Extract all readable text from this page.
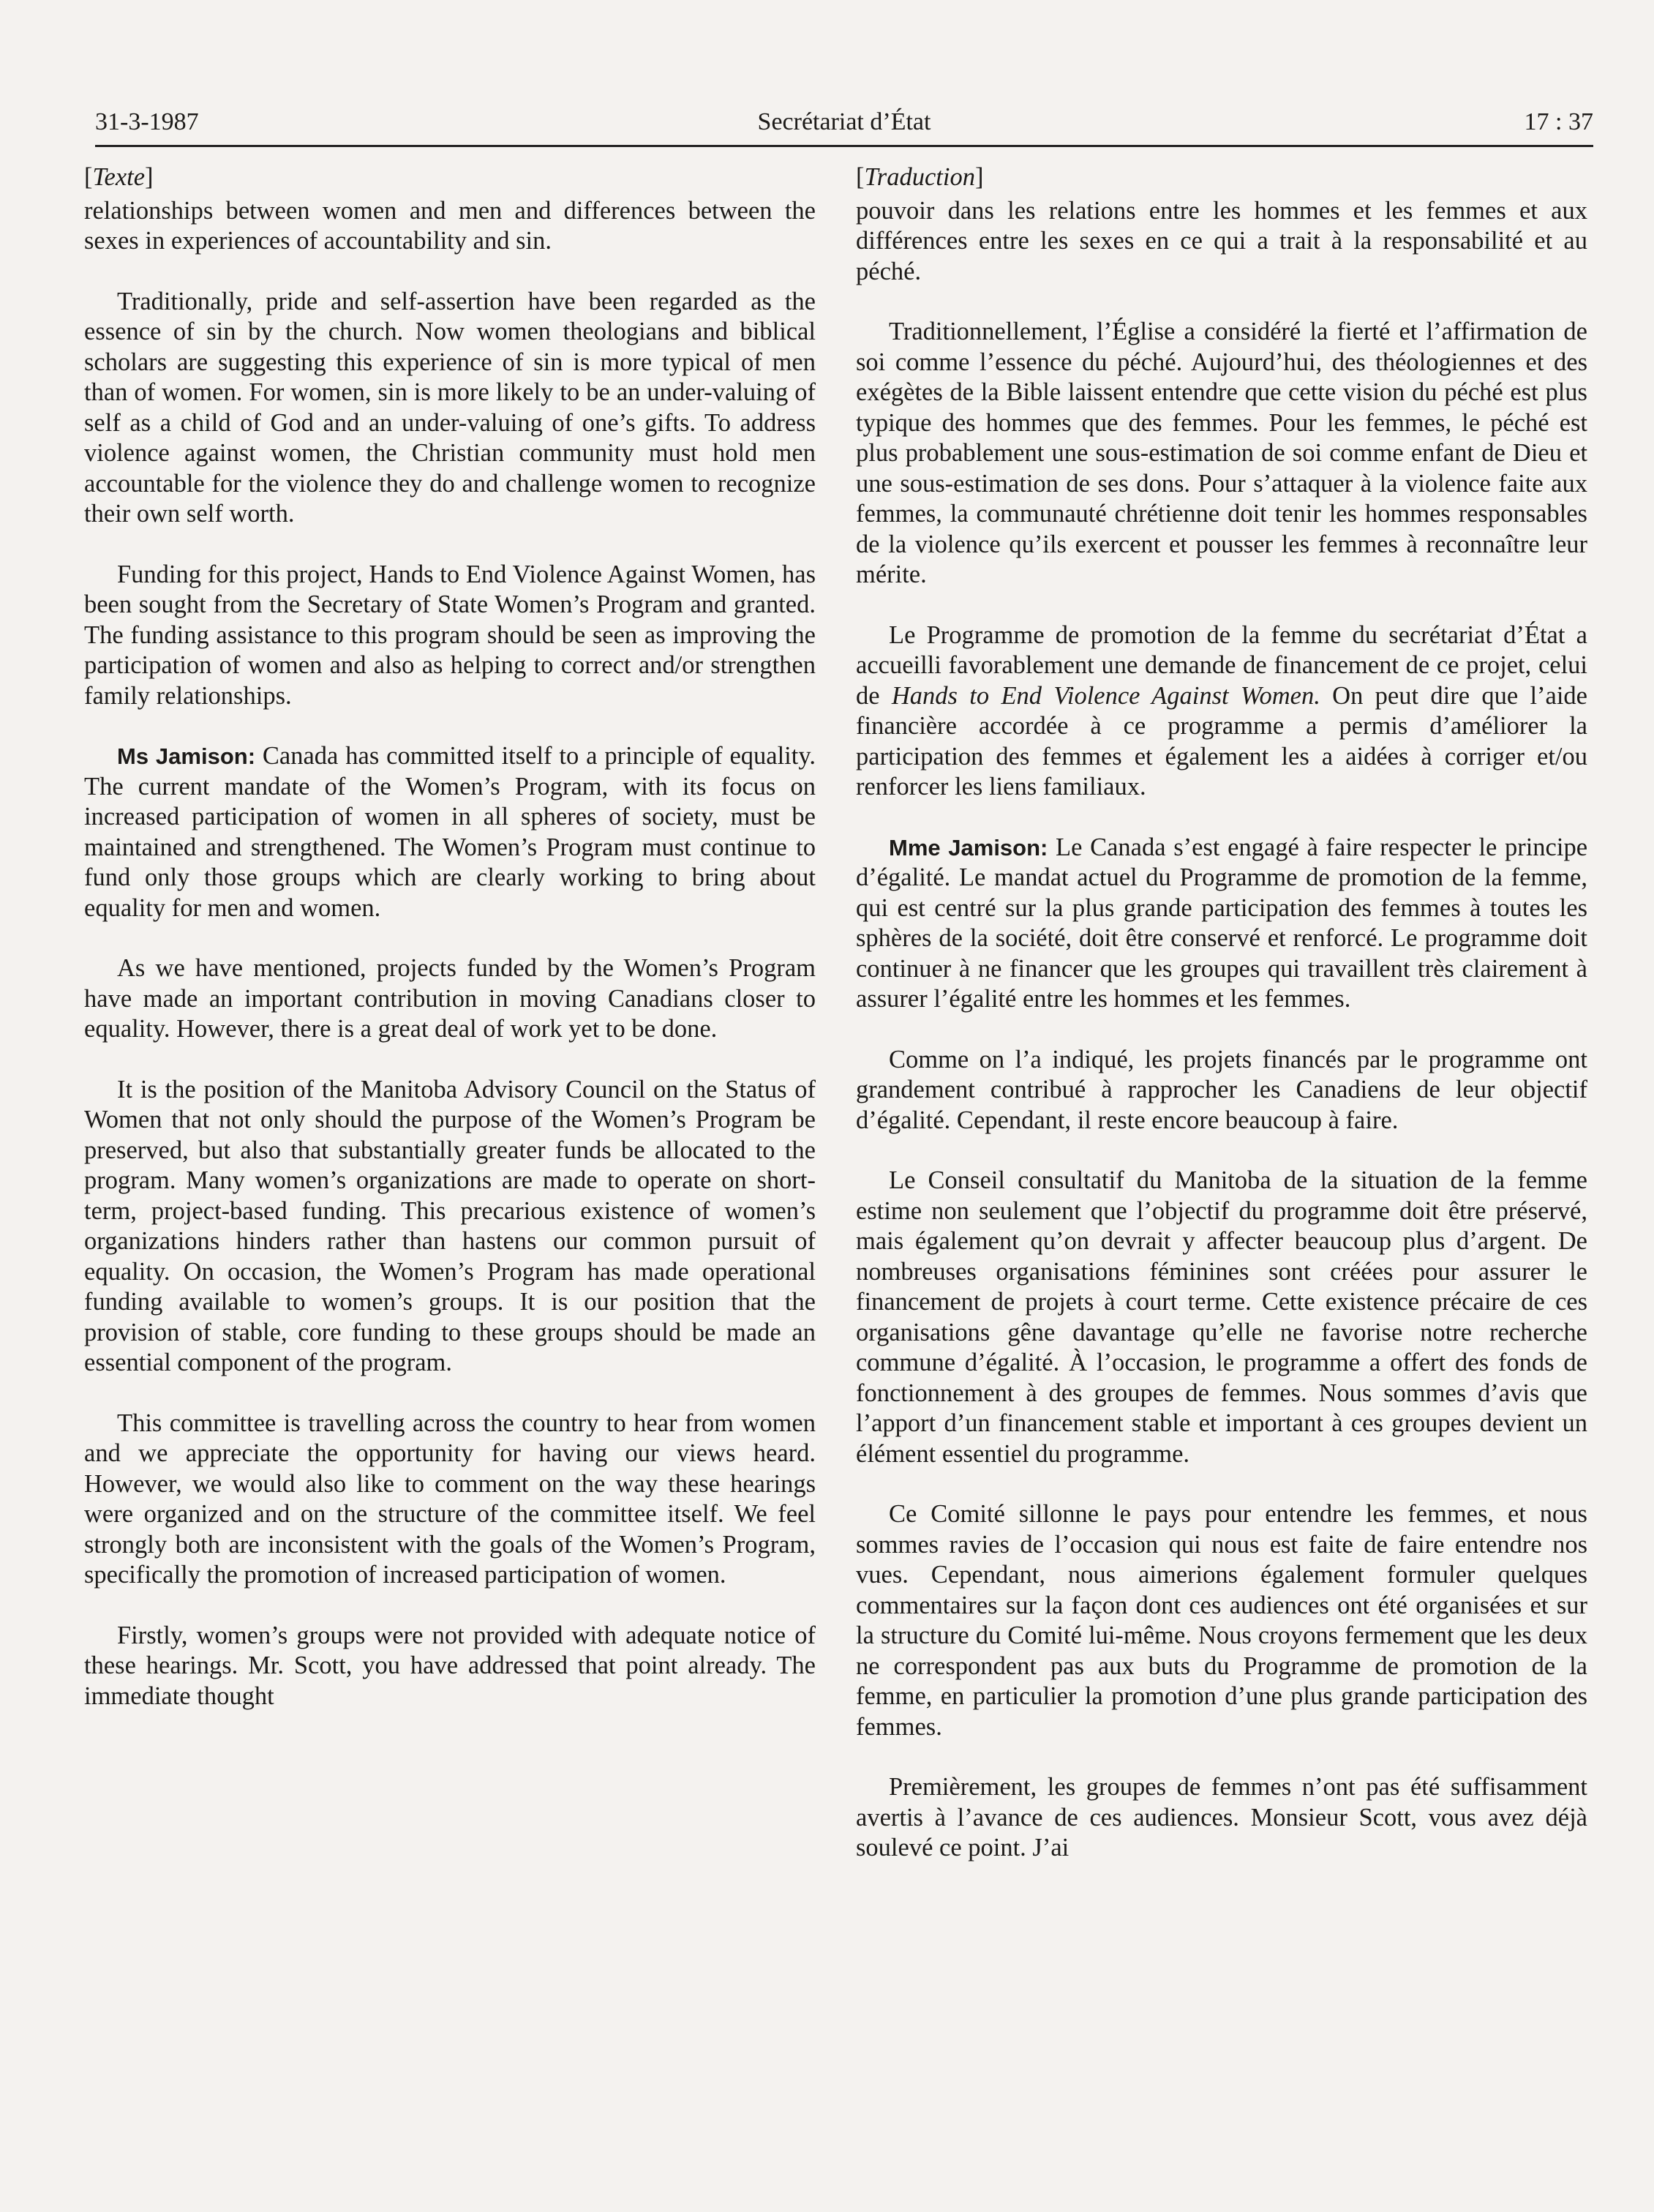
31-3-1987	Secrétariat d’État	17 : 37
[Texte]

relationships between women and men and differences between the sexes in experiences of accountability and sin.

Traditionally, pride and self-assertion have been regarded as the essence of sin by the church. Now women theologians and biblical scholars are suggesting this experience of sin is more typical of men than of women. For women, sin is more likely to be an under-valuing of self as a child of God and an under-valuing of one’s gifts. To address violence against women, the Christian community must hold men accountable for the violence they do and challenge women to recognize their own self worth.

Funding for this project, Hands to End Violence Against Women, has been sought from the Secretary of State Women’s Program and granted. The funding assistance to this program should be seen as improving the participation of women and also as helping to correct and/or strengthen family relationships.

Ms Jamison: Canada has committed itself to a principle of equality. The current mandate of the Women’s Program, with its focus on increased participation of women in all spheres of society, must be maintained and strengthened. The Women’s Program must continue to fund only those groups which are clearly working to bring about equality for men and women.

As we have mentioned, projects funded by the Women’s Program have made an important contribution in moving Canadians closer to equality. However, there is a great deal of work yet to be done.

It is the position of the Manitoba Advisory Council on the Status of Women that not only should the purpose of the Women’s Program be preserved, but also that substantially greater funds be allocated to the program. Many women’s organizations are made to operate on short-term, project-based funding. This precarious existence of women’s organizations hinders rather than hastens our common pursuit of equality. On occasion, the Women’s Program has made operational funding available to women’s groups. It is our position that the provision of stable, core funding to these groups should be made an essential component of the program.

This committee is travelling across the country to hear from women and we appreciate the opportunity for having our views heard. However, we would also like to comment on the way these hearings were organized and on the structure of the committee itself. We feel strongly both are inconsistent with the goals of the Women’s Program, specifically the promotion of increased participation of women.

Firstly, women’s groups were not provided with adequate notice of these hearings. Mr. Scott, you have addressed that point already. The immediate thought

[Traduction]

pouvoir dans les relations entre les hommes et les femmes et aux différences entre les sexes en ce qui a trait à la responsabilité et au péché.

Traditionnellement, l’Église a considéré la fierté et l’affirmation de soi comme l’essence du péché. Aujourd’hui, des théologiennes et des exégètes de la Bible laissent entendre que cette vision du péché est plus typique des hommes que des femmes. Pour les femmes, le péché est plus probablement une sous-estimation de soi comme enfant de Dieu et une sous-estimation de ses dons. Pour s’attaquer à la violence faite aux femmes, la communauté chrétienne doit tenir les hommes responsables de la violence qu’ils exercent et pousser les femmes à reconnaître leur mérite.

Le Programme de promotion de la femme du secrétariat d’État a accueilli favorablement une demande de financement de ce projet, celui de Hands to End Violence Against Women. On peut dire que l’aide financière accordée à ce programme a permis d’améliorer la participation des femmes et également les a aidées à corriger et/ou renforcer les liens familiaux.

Mme Jamison: Le Canada s’est engagé à faire respecter le principe d’égalité. Le mandat actuel du Programme de promotion de la femme, qui est centré sur la plus grande participation des femmes à toutes les sphères de la société, doit être conservé et renforcé. Le programme doit continuer à ne financer que les groupes qui travaillent très clairement à assurer l’égalité entre les hommes et les femmes.

Comme on l’a indiqué, les projets financés par le programme ont grandement contribué à rapprocher les Canadiens de leur objectif d’égalité. Cependant, il reste encore beaucoup à faire.

Le Conseil consultatif du Manitoba de la situation de la femme estime non seulement que l’objectif du programme doit être préservé, mais également qu’on devrait y affecter beaucoup plus d’argent. De nombreuses organisations féminines sont créées pour assurer le financement de projets à court terme. Cette existence précaire de ces organisations gêne davantage qu’elle ne favorise notre recherche commune d’égalité. À l’occasion, le programme a offert des fonds de fonctionnement à des groupes de femmes. Nous sommes d’avis que l’apport d’un financement stable et important à ces groupes devient un élément essentiel du programme.

Ce Comité sillonne le pays pour entendre les femmes, et nous sommes ravies de l’occasion qui nous est faite de faire entendre nos vues. Cependant, nous aimerions également formuler quelques commentaires sur la façon dont ces audiences ont été organisées et sur la structure du Comité lui-même. Nous croyons fermement que les deux ne correspondent pas aux buts du Programme de promotion de la femme, en particulier la promotion d’une plus grande participation des femmes.

Premièrement, les groupes de femmes n’ont pas été suffisamment avertis à l’avance de ces audiences. Monsieur Scott, vous avez déjà soulevé ce point. J’ai
